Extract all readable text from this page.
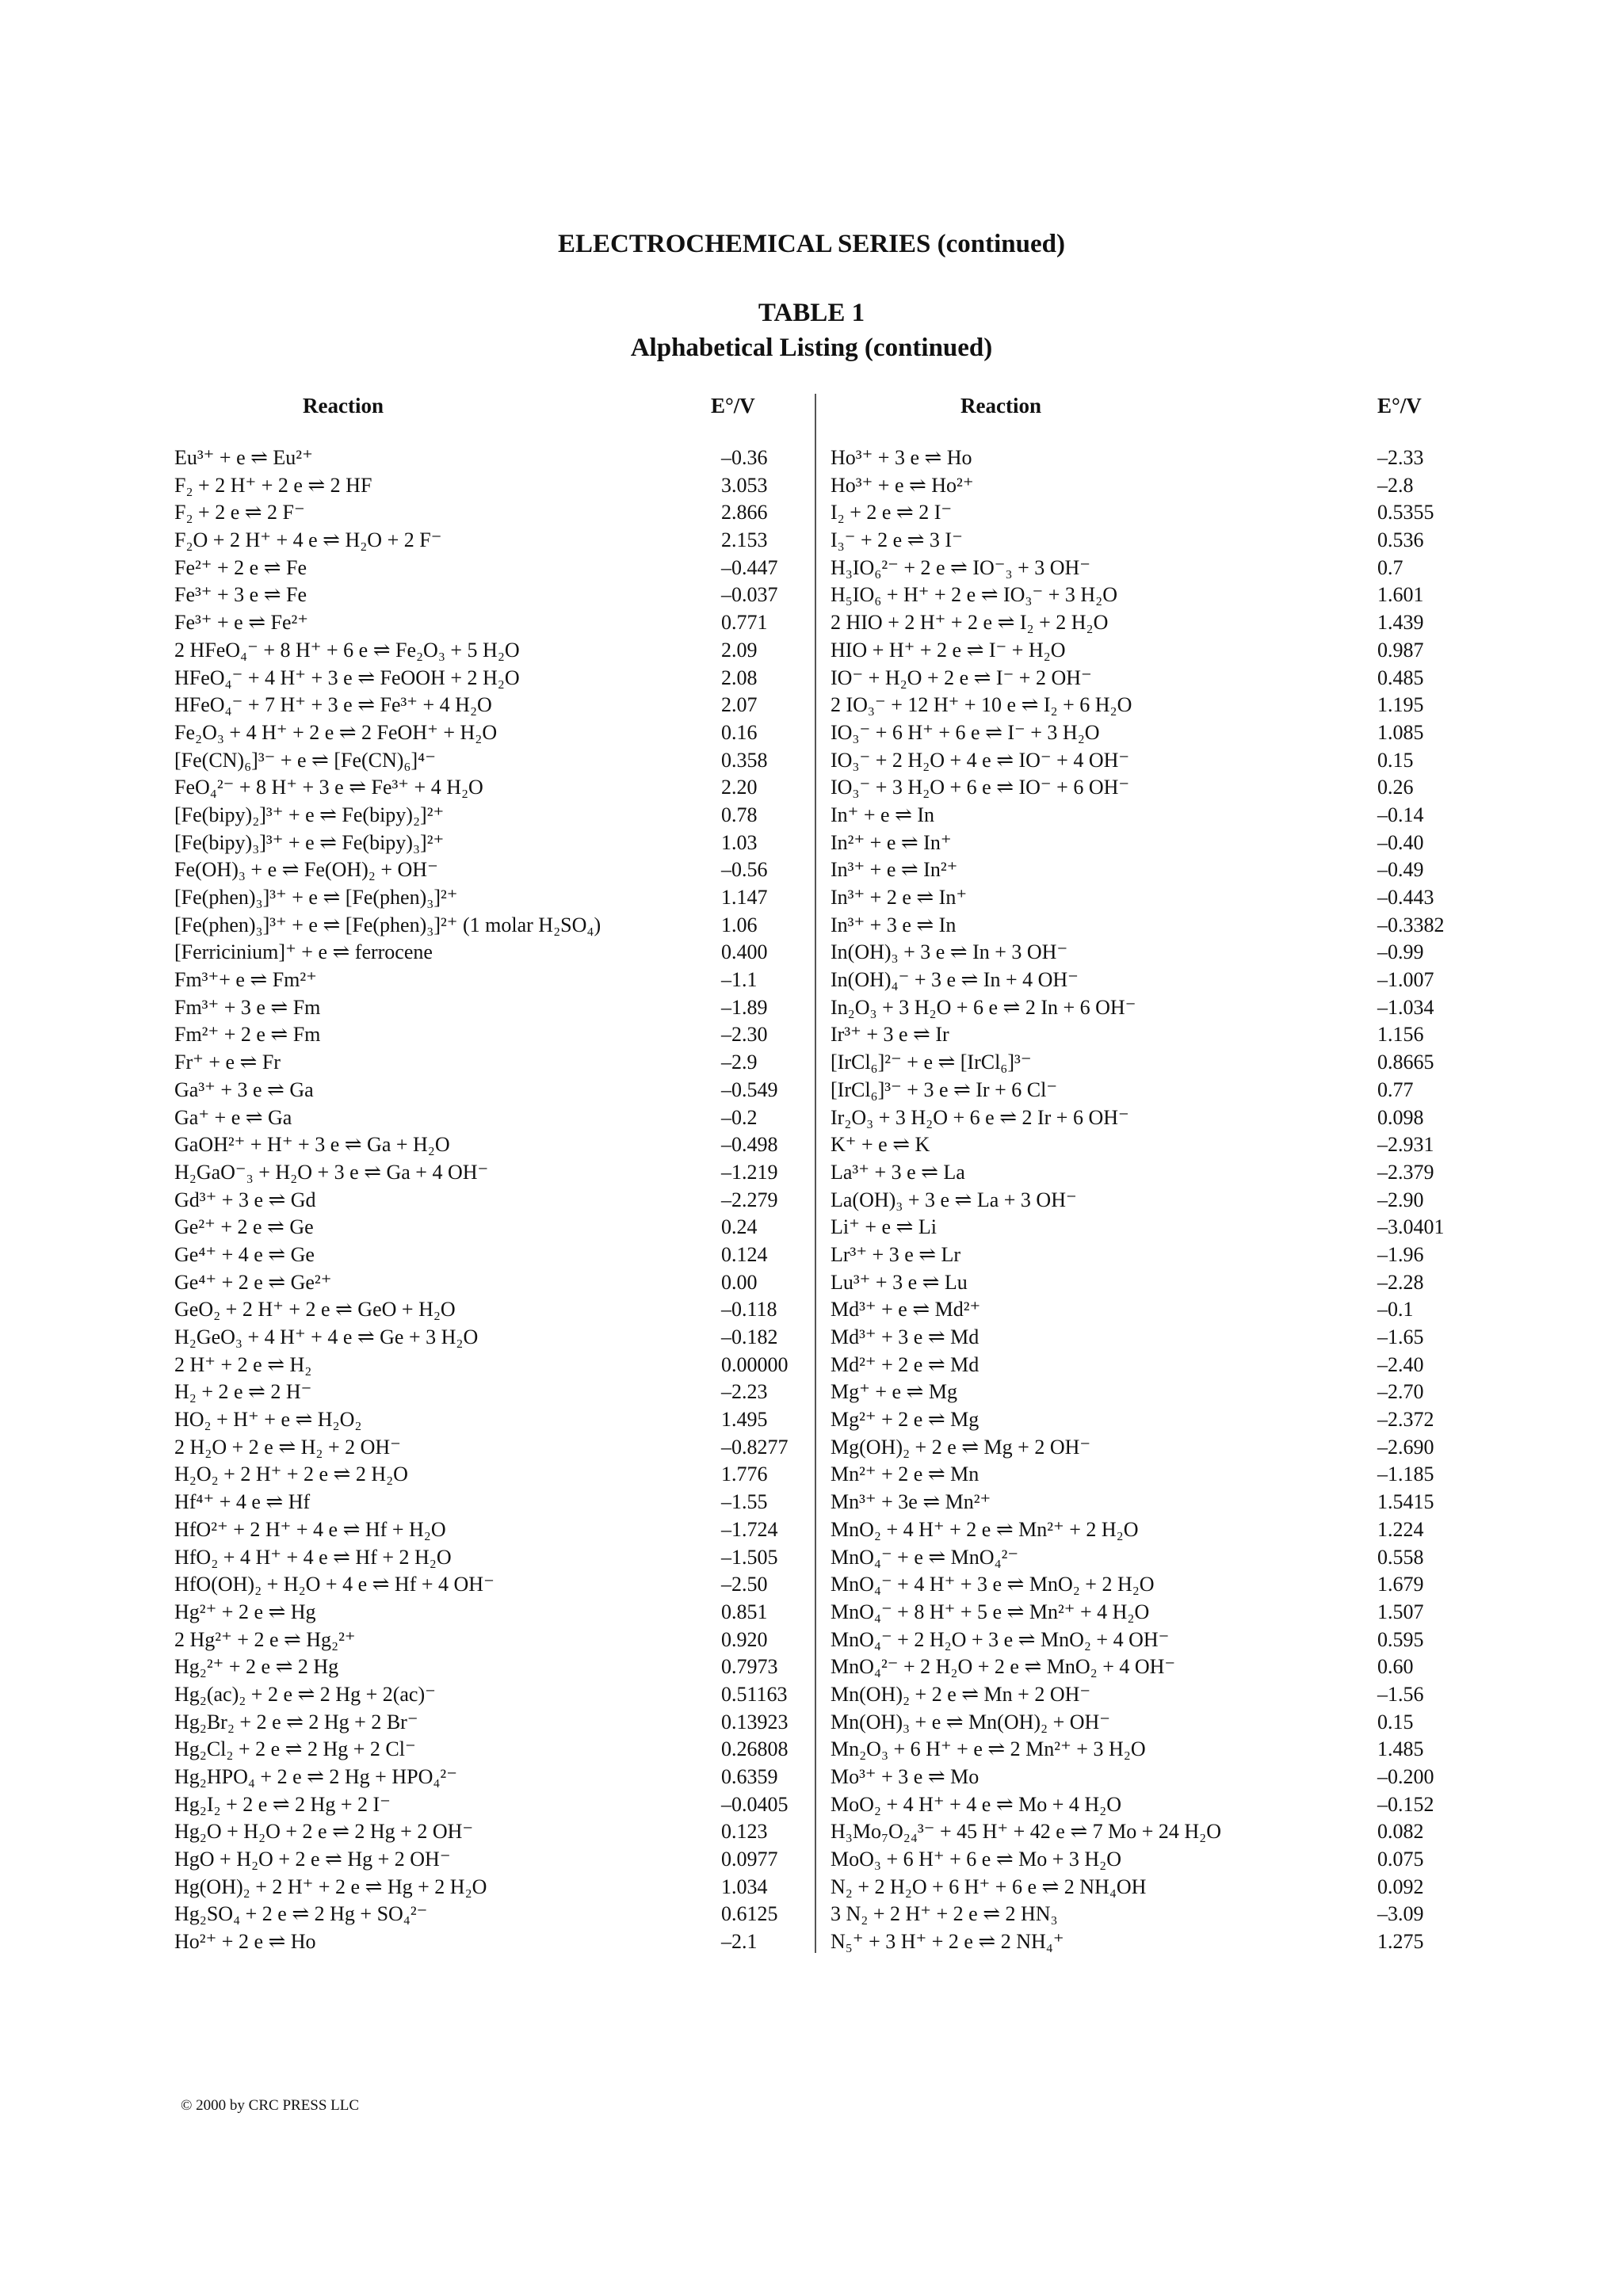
ELECTROCHEMICAL SERIES (continued)
TABLE 1
Alphabetical Listing (continued)
Reaction	E°/V
Eu³⁺ + e ⇌ Eu²⁺	–0.36
F₂ + 2 H⁺ + 2 e ⇌ 2 HF	3.053
F₂ + 2 e ⇌ 2 F⁻	2.866
F₂O + 2 H⁺ + 4 e ⇌ H₂O + 2 F⁻	2.153
Fe²⁺ + 2 e ⇌ Fe	–0.447
Fe³⁺ + 3 e ⇌ Fe	–0.037
Fe³⁺ + e ⇌ Fe²⁺	0.771
2 HFeO₄⁻ + 8 H⁺ + 6 e ⇌ Fe₂O₃ + 5 H₂O	2.09
HFeO₄⁻ + 4 H⁺ + 3 e ⇌ FeOOH + 2 H₂O	2.08
HFeO₄⁻ + 7 H⁺ + 3 e ⇌ Fe³⁺ + 4 H₂O	2.07
Fe₂O₃ + 4 H⁺ + 2 e ⇌ 2 FeOH⁺ + H₂O	0.16
[Fe(CN)₆]³⁻ + e ⇌ [Fe(CN)₆]⁴⁻	0.358
FeO₄²⁻ + 8 H⁺ + 3 e ⇌ Fe³⁺ + 4 H₂O	2.20
[Fe(bipy)₂]³⁺ + e ⇌ Fe(bipy)₂]²⁺	0.78
[Fe(bipy)₃]³⁺ + e ⇌ Fe(bipy)₃]²⁺	1.03
Fe(OH)₃ + e ⇌ Fe(OH)₂ + OH⁻	–0.56
[Fe(phen)₃]³⁺ + e ⇌ [Fe(phen)₃]²⁺	1.147
[Fe(phen)₃]³⁺ + e ⇌ [Fe(phen)₃]²⁺ (1 molar H₂SO₄)	1.06
[Ferricinium]⁺ + e ⇌ ferrocene	0.400
Fm³⁺+ e ⇌ Fm²⁺	–1.1
Fm³⁺ + 3 e ⇌ Fm	–1.89
Fm²⁺ + 2 e ⇌ Fm	–2.30
Fr⁺ + e ⇌ Fr	–2.9
Ga³⁺ + 3 e ⇌ Ga	–0.549
Ga⁺ + e ⇌ Ga	–0.2
GaOH²⁺ + H⁺ + 3 e ⇌ Ga + H₂O	–0.498
H₂GaO⁻₃ + H₂O + 3 e ⇌ Ga + 4 OH⁻	–1.219
Gd³⁺ + 3 e ⇌ Gd	–2.279
Ge²⁺ + 2 e ⇌ Ge	0.24
Ge⁴⁺ + 4 e ⇌ Ge	0.124
Ge⁴⁺ + 2 e ⇌ Ge²⁺	0.00
GeO₂ + 2 H⁺ + 2 e ⇌ GeO + H₂O	–0.118
H₂GeO₃ + 4 H⁺ + 4 e ⇌ Ge + 3 H₂O	–0.182
2 H⁺ + 2 e ⇌ H₂	0.00000
H₂ + 2 e ⇌ 2 H⁻	–2.23
HO₂ + H⁺ + e ⇌ H₂O₂	1.495
2 H₂O + 2 e ⇌ H₂ + 2 OH⁻	–0.8277
H₂O₂ + 2 H⁺ + 2 e ⇌ 2 H₂O	1.776
Hf⁴⁺ + 4 e ⇌ Hf	–1.55
HfO²⁺ + 2 H⁺ + 4 e ⇌ Hf + H₂O	–1.724
HfO₂ + 4 H⁺ + 4 e ⇌ Hf + 2 H₂O	–1.505
HfO(OH)₂ + H₂O + 4 e ⇌ Hf + 4 OH⁻	–2.50
Hg²⁺ + 2 e ⇌ Hg	0.851
2 Hg²⁺ + 2 e ⇌ Hg₂²⁺	0.920
Hg₂²⁺ + 2 e ⇌ 2 Hg	0.7973
Hg₂(ac)₂ + 2 e ⇌ 2 Hg + 2(ac)⁻	0.51163
Hg₂Br₂ + 2 e ⇌ 2 Hg + 2 Br⁻	0.13923
Hg₂Cl₂ + 2 e ⇌ 2 Hg + 2 Cl⁻	0.26808
Hg₂HPO₄ + 2 e ⇌ 2 Hg + HPO₄²⁻	0.6359
Hg₂I₂ + 2 e ⇌ 2 Hg + 2 I⁻	–0.0405
Hg₂O + H₂O + 2 e ⇌ 2 Hg + 2 OH⁻	0.123
HgO + H₂O + 2 e ⇌ Hg + 2 OH⁻	0.0977
Hg(OH)₂ + 2 H⁺ + 2 e ⇌ Hg + 2 H₂O	1.034
Hg₂SO₄ + 2 e ⇌ 2 Hg + SO₄²⁻	0.6125
Ho²⁺ + 2 e ⇌ Ho	–2.1
Reaction	E°/V
Ho³⁺ + 3 e ⇌ Ho	–2.33
Ho³⁺ + e ⇌ Ho²⁺	–2.8
I₂ + 2 e ⇌ 2 I⁻	0.5355
I₃⁻ + 2 e ⇌ 3 I⁻	0.536
H₃IO₆²⁻ + 2 e ⇌ IO⁻₃ + 3 OH⁻	0.7
H₅IO₆ + H⁺ + 2 e ⇌ IO₃⁻ + 3 H₂O	1.601
2 HIO + 2 H⁺ + 2 e ⇌ I₂ + 2 H₂O	1.439
HIO + H⁺ + 2 e ⇌ I⁻ + H₂O	0.987
IO⁻ + H₂O + 2 e ⇌ I⁻ + 2 OH⁻	0.485
2 IO₃⁻ + 12 H⁺ + 10 e ⇌ I₂ + 6 H₂O	1.195
IO₃⁻ + 6 H⁺ + 6 e ⇌ I⁻ + 3 H₂O	1.085
IO₃⁻ + 2 H₂O + 4 e ⇌ IO⁻ + 4 OH⁻	0.15
IO₃⁻ + 3 H₂O + 6 e ⇌ IO⁻ + 6 OH⁻	0.26
In⁺ + e ⇌ In	–0.14
In²⁺ + e ⇌ In⁺	–0.40
In³⁺ + e ⇌ In²⁺	–0.49
In³⁺ + 2 e ⇌ In⁺	–0.443
In³⁺ + 3 e ⇌ In	–0.3382
In(OH)₃ + 3 e ⇌ In + 3 OH⁻	–0.99
In(OH)₄⁻ + 3 e ⇌ In + 4 OH⁻	–1.007
In₂O₃ + 3 H₂O + 6 e ⇌ 2 In + 6 OH⁻	–1.034
Ir³⁺ + 3 e ⇌ Ir	1.156
[IrCl₆]²⁻ + e ⇌ [IrCl₆]³⁻	0.8665
[IrCl₆]³⁻ + 3 e ⇌ Ir + 6 Cl⁻	0.77
Ir₂O₃ + 3 H₂O + 6 e ⇌ 2 Ir + 6 OH⁻	0.098
K⁺ + e ⇌ K	–2.931
La³⁺ + 3 e ⇌ La	–2.379
La(OH)₃ + 3 e ⇌ La + 3 OH⁻	–2.90
Li⁺ + e ⇌ Li	–3.0401
Lr³⁺ + 3 e ⇌ Lr	–1.96
Lu³⁺ + 3 e ⇌ Lu	–2.28
Md³⁺ + e ⇌ Md²⁺	–0.1
Md³⁺ + 3 e ⇌ Md	–1.65
Md²⁺ + 2 e ⇌ Md	–2.40
Mg⁺ + e ⇌ Mg	–2.70
Mg²⁺ + 2 e ⇌ Mg	–2.372
Mg(OH)₂ + 2 e ⇌ Mg + 2 OH⁻	–2.690
Mn²⁺ + 2 e ⇌ Mn	–1.185
Mn³⁺ + 3e ⇌ Mn²⁺	1.5415
MnO₂ + 4 H⁺ + 2 e ⇌ Mn²⁺ + 2 H₂O	1.224
MnO₄⁻ + e ⇌ MnO₄²⁻	0.558
MnO₄⁻ + 4 H⁺ + 3 e ⇌ MnO₂ + 2 H₂O	1.679
MnO₄⁻ + 8 H⁺ + 5 e ⇌ Mn²⁺ + 4 H₂O	1.507
MnO₄⁻ + 2 H₂O + 3 e ⇌ MnO₂ + 4 OH⁻	0.595
MnO₄²⁻ + 2 H₂O + 2 e ⇌ MnO₂ + 4 OH⁻	0.60
Mn(OH)₂ + 2 e ⇌ Mn + 2 OH⁻	–1.56
Mn(OH)₃ + e ⇌ Mn(OH)₂ + OH⁻	0.15
Mn₂O₃ + 6 H⁺ + e ⇌ 2 Mn²⁺ + 3 H₂O	1.485
Mo³⁺ + 3 e ⇌ Mo	–0.200
MoO₂ + 4 H⁺ + 4 e ⇌ Mo + 4 H₂O	–0.152
H₃Mo₇O₂₄³⁻ + 45 H⁺ + 42 e ⇌ 7 Mo + 24 H₂O	0.082
MoO₃ + 6 H⁺ + 6 e ⇌ Mo + 3 H₂O	0.075
N₂ + 2 H₂O + 6 H⁺ + 6 e ⇌ 2 NH₄OH	0.092
3 N₂ + 2 H⁺ + 2 e ⇌ 2 HN₃	–3.09
N₅⁺ + 3 H⁺ + 2 e ⇌ 2 NH₄⁺	1.275
© 2000 by CRC PRESS LLC
